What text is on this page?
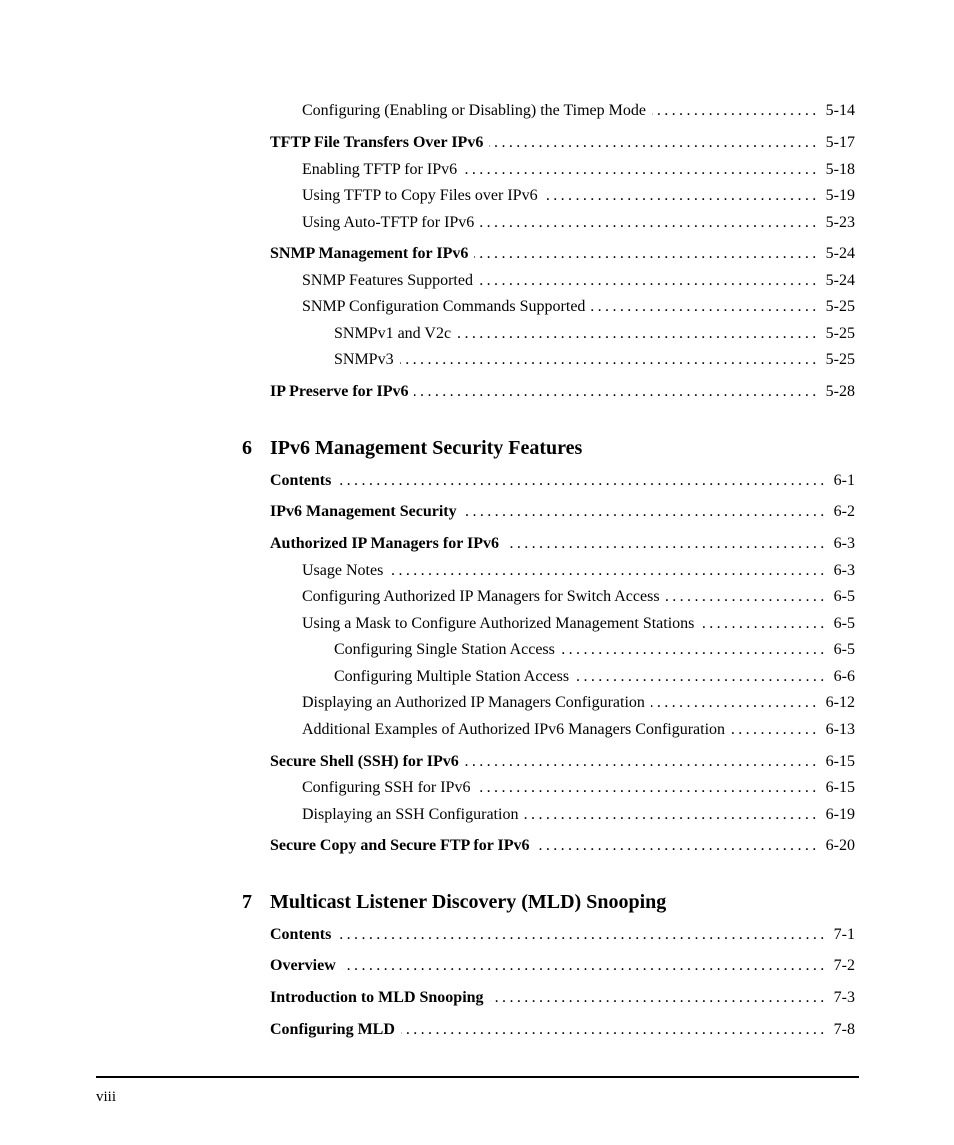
Configuring (Enabling or Disabling) the Timep Mode .....	5-14
TFTP File Transfers Over IPv6 .....	5-17
Enabling TFTP for IPv6 .....	5-18
Using TFTP to Copy Files over IPv6 .....	5-19
Using Auto-TFTP for IPv6 .....	5-23
SNMP Management for IPv6 .....	5-24
SNMP Features Supported .....	5-24
SNMP Configuration Commands Supported .....	5-25
SNMPv1 and V2c .....	5-25
SNMPv3 .....	5-25
IP Preserve for IPv6 .....	5-28
6 IPv6 Management Security Features
Contents .....	6-1
IPv6 Management Security .....	6-2
Authorized IP Managers for IPv6 .....	6-3
Usage Notes .....	6-3
Configuring Authorized IP Managers for Switch Access .....	6-5
Using a Mask to Configure Authorized Management Stations .....	6-5
Configuring Single Station Access .....	6-5
Configuring Multiple Station Access .....	6-6
Displaying an Authorized IP Managers Configuration .....	6-12
Additional Examples of Authorized IPv6 Managers Configuration .....	6-13
Secure Shell (SSH) for IPv6 .....	6-15
Configuring SSH for IPv6 .....	6-15
Displaying an SSH Configuration .....	6-19
Secure Copy and Secure FTP for IPv6 .....	6-20
7 Multicast Listener Discovery (MLD) Snooping
Contents .....	7-1
Overview .....	7-2
Introduction to MLD Snooping .....	7-3
Configuring MLD .....	7-8
viii
